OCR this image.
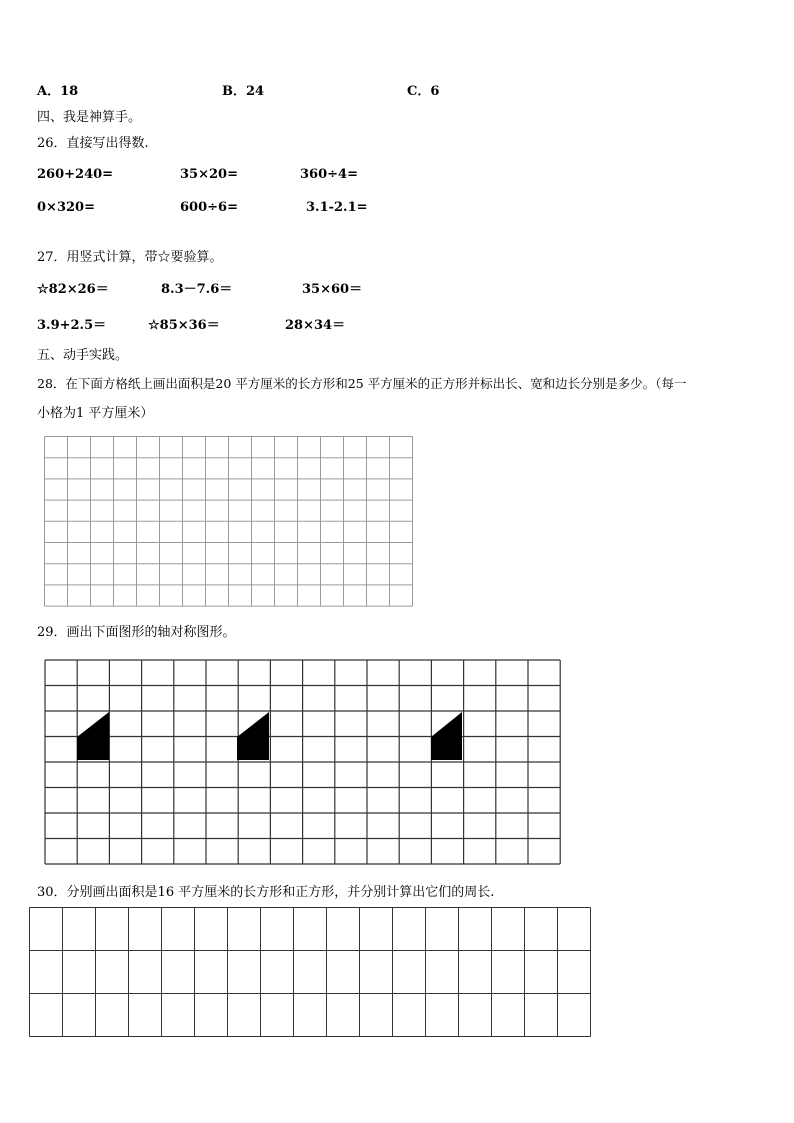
A．18	B．24	C．6
四、我是神算手。
26．直接写出得数.
260+240=	35×20=	360÷4=
0×320=	600÷6=	3.1-2.1=
27．用竖式计算，带☆要验算。
☆82×26＝	8.3－7.6＝	35×60＝
3.9+2.5＝	☆85×36＝	28×34＝
五、动手实践。
28．在下面方格纸上画出面积是20 平方厘米的长方形和25 平方厘米的正方形并标出长、宽和边长分别是多少。（每一
小格为1 平方厘米）
29．画出下面图形的轴对称图形。
30．分别画出面积是16 平方厘米的长方形和正方形，并分别计算出它们的周长.
